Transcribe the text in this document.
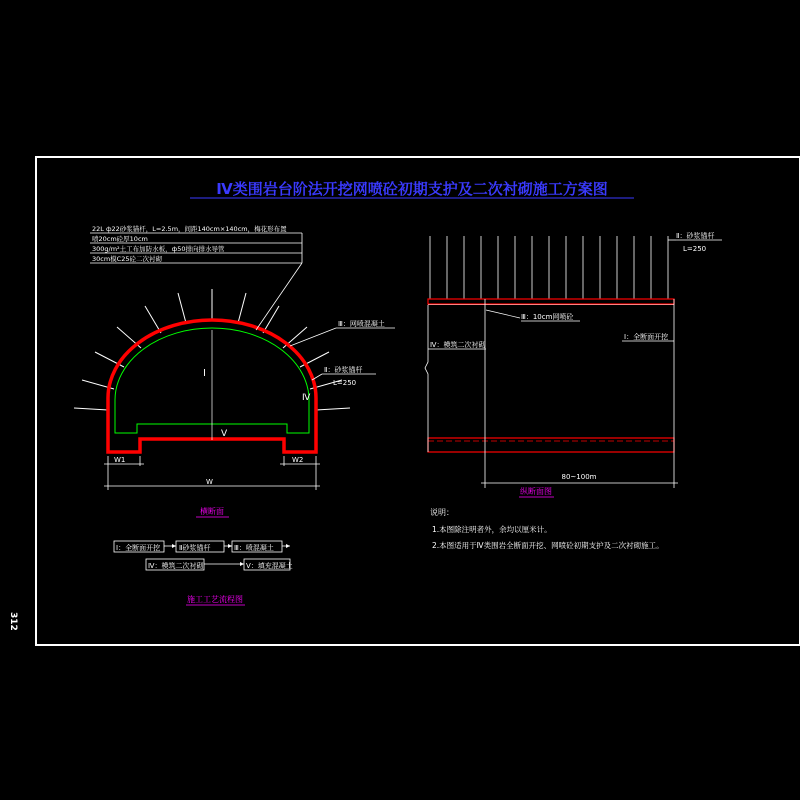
312
Ⅳ类围岩台阶法开挖网喷砼初期支护及二次衬砌施工方案图
Ⅰ
Ⅴ
Ⅳ
22L ф22砂浆锚杆，L=2.5m，间距140cm×140cm，梅花形布置
喷20cm砼厚10cm
300g/m²土工布加防水板，ф50排向排水导管
30cm模C25砼二次衬砌
Ⅲ：网喷混凝土
Ⅱ：砂浆锚杆
L=250
W1	W2
W
横断面
Ⅱ：砂浆锚杆
L=250
Ⅲ：10cm网喷砼
Ⅰ：全断面开挖
Ⅳ：模筑二次衬砌
80~100m
纵断面图
Ⅰ：全断面开挖	Ⅱ砂浆锚杆	Ⅲ：喷混凝土
Ⅳ：模筑二次衬砌	Ⅴ：填充混凝土
施工工艺流程图
说明：
1.本图除注明者外，余均以厘米计。
2.本图适用于Ⅳ类围岩全断面开挖、网喷砼初期支护及二次衬砌施工。
